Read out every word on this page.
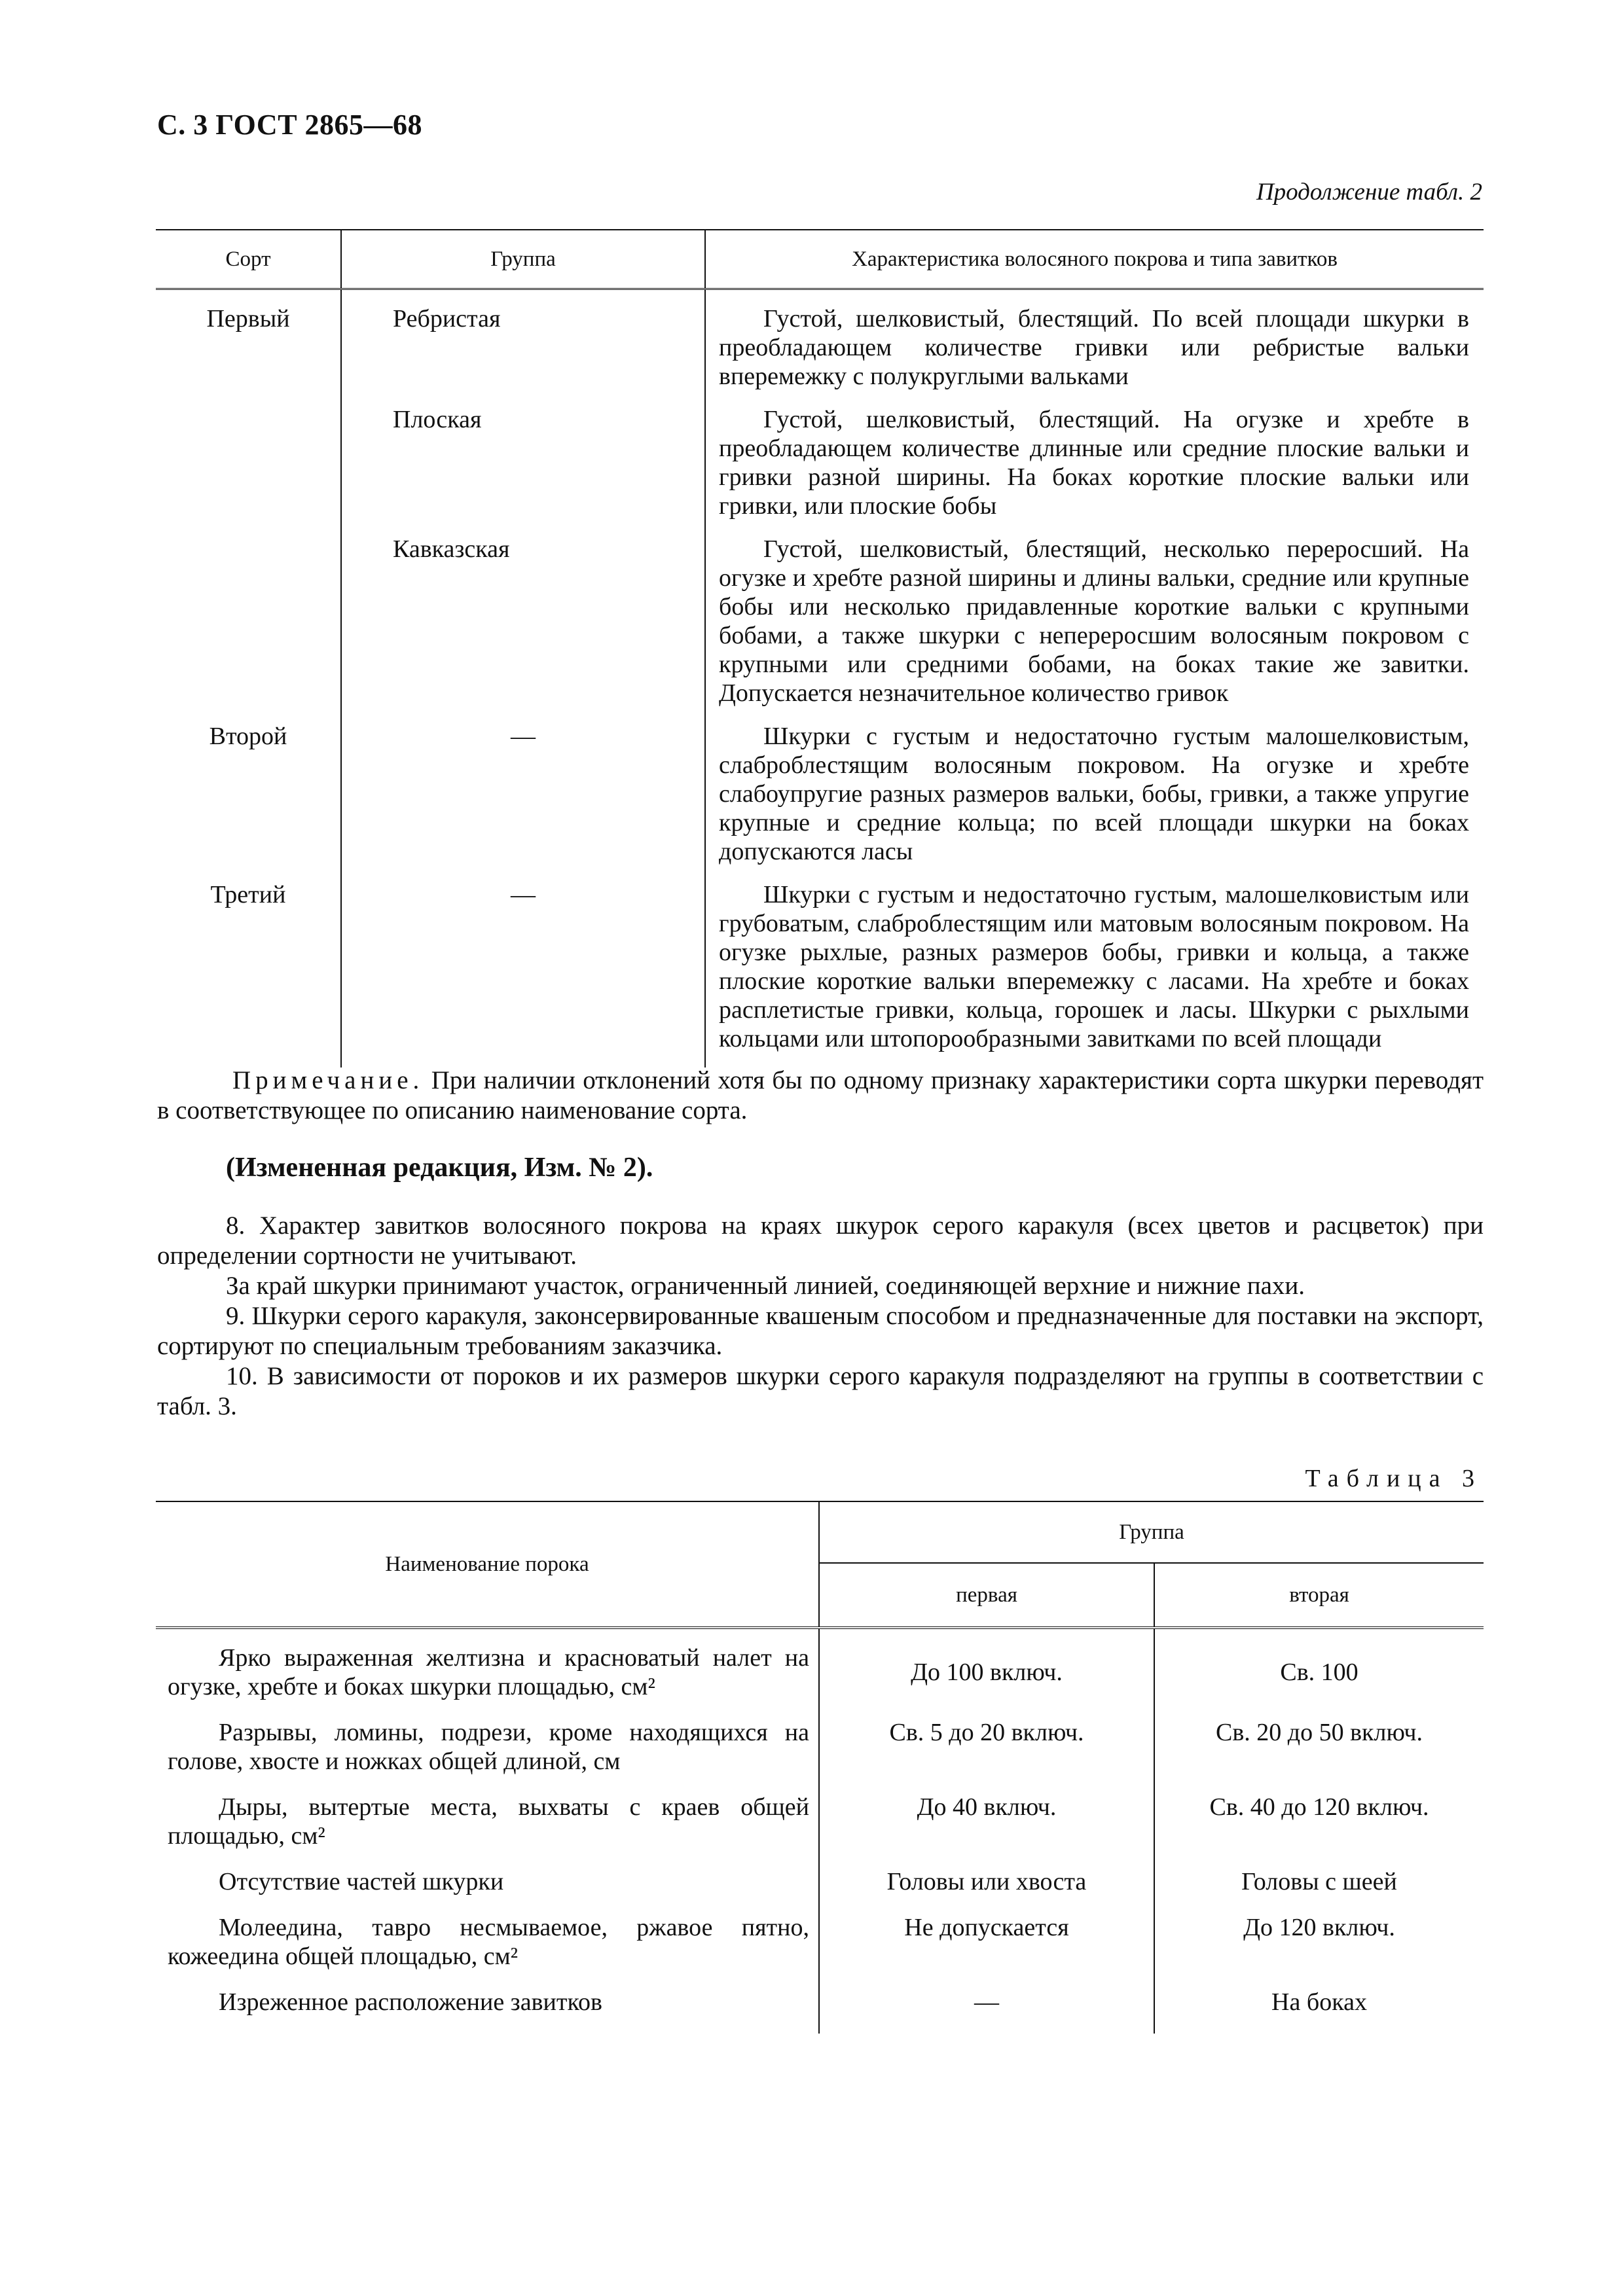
С. 3 ГОСТ 2865—68
Продолжение табл. 2
Сорт	Группа	Характеристика волосяного покрова и типа завитков
Первый	Ребристая	Густой, шелковистый, блестящий. По всей площади шкурки в преобладающем количестве гривки или ребристые вальки вперемежку с полукруглыми вальками

	Плоская	Густой, шелковистый, блестящий. На огузке и хребте в преобладающем количестве длинные или средние плоские вальки и гривки разной ширины. На боках короткие плоские вальки или гривки, или плоские бобы

	Кавказская	Густой, шелковистый, блестящий, несколько переросший. На огузке и хребте разной ширины и длины вальки, средние или крупные бобы или несколько придавленные короткие вальки с крупными бобами, а также шкурки с непереросшим волосяным покровом с крупными или средними бобами, на боках такие же завитки. Допускается незначительное количество гривок

Второй	—	Шкурки с густым и недостаточно густым малошелковистым, слаброблестящим волосяным покровом. На огузке и хребте слабоупругие разных размеров вальки, бобы, гривки, а также упругие крупные и средние кольца; по всей площади шкурки на боках допускаются ласы

Третий	—	Шкурки с густым и недостаточно густым, малошелковистым или грубоватым, слаброблестящим или матовым волосяным покровом. На огузке рыхлые, разных размеров бобы, гривки и кольца, а также плоские короткие вальки вперемежку с ласами. На хребте и боках расплетистые гривки, кольца, горошек и ласы. Шкурки с рыхлыми кольцами или штопорообразными завитками по всей площади

Примечание. При наличии отклонений хотя бы по одному признаку характеристики сорта шкурки переводят в соответствующее по описанию наименование сорта.

(Измененная редакция, Изм. № 2).

8. Характер завитков волосяного покрова на краях шкурок серого каракуля (всех цветов и расцветок) при определении сортности не учитывают.

За край шкурки принимают участок, ограниченный линией, соединяющей верхние и нижние пахи.

9. Шкурки серого каракуля, законсервированные квашеным способом и предназначенные для поставки на экспорт, сортируют по специальным требованиям заказчика.

10. В зависимости от пороков и их размеров шкурки серого каракуля подразделяют на группы в соответствии с табл. 3.

Таблица 3
Наименование порока	Группа	
	первая	вторая

Ярко выраженная желтизна и красноватый налет на огузке, хребте и боках шкурки площадью, см²	До 100 включ.	Св. 100

Разрывы, ломины, подрези, кроме находящихся на голове, хвосте и ножках общей длиной, см	Св. 5 до 20 включ.	Св. 20 до 50 включ.

Дыры, вытертые места, выхваты с краев общей площадью, см²	До 40 включ.	Св. 40 до 120 включ.

Отсутствие частей шкурки	Головы или хвоста	Головы с шеей

Молеедина, тавро несмываемое, ржавое пятно, кожеедина общей площадью, см²	Не допускается	До 120 включ.

Изреженное расположение завитков	—	На боках
